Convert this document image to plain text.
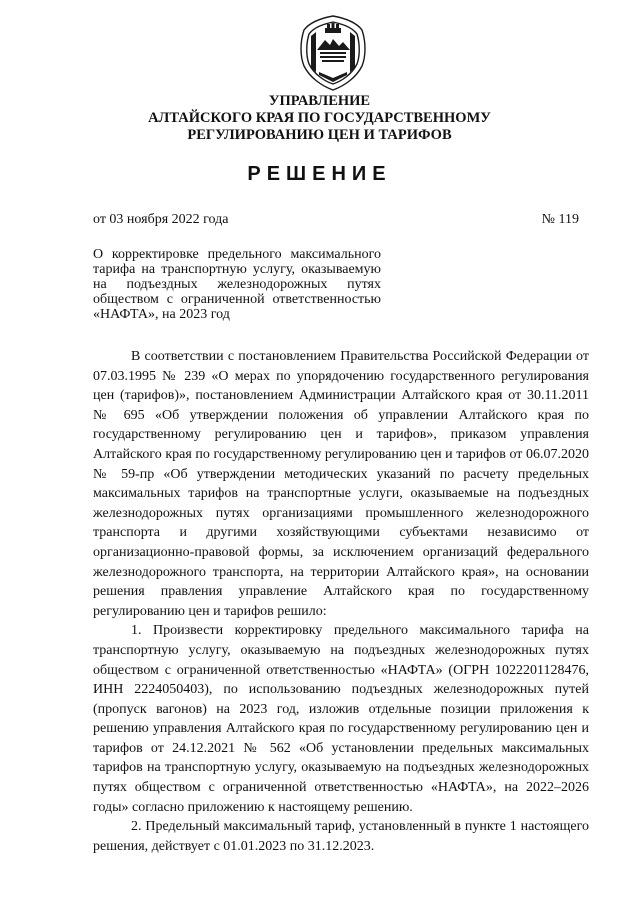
УПРАВЛЕНИЕ
АЛТАЙСКОГО КРАЯ ПО ГОСУДАРСТВЕННОМУ
РЕГУЛИРОВАНИЮ ЦЕН И ТАРИФОВ
РЕШЕНИЕ
от 03 ноября 2022 года	№ 119
О корректировке предельного максимального тарифа на транспортную услугу, оказываемую на подъездных железнодорожных путях обществом с ограниченной ответственностью «НАФТА», на 2023 год

В соответствии с постановлением Правительства Российской Федерации от 07.03.1995 № 239 «О мерах по упорядочению государственного регулирования цен (тарифов)», постановлением Администрации Алтайского края от 30.11.2011 № 695 «Об утверждении положения об управлении Алтайского края по государственному регулированию цен и тарифов», приказом управления Алтайского края по государственному регулированию цен и тарифов от 06.07.2020 № 59-пр «Об утверждении методических указаний по расчету предельных максимальных тарифов на транспортные услуги, оказываемые на подъездных железнодорожных путях организациями промышленного железнодорожного транспорта и другими хозяйствующими субъектами независимо от организационно-правовой формы, за исключением организаций федерального железнодорожного транспорта, на территории Алтайского края», на основании решения правления управление Алтайского края по государственному регулированию цен и тарифов решило:

1. Произвести корректировку предельного максимального тарифа на транспортную услугу, оказываемую на подъездных железнодорожных путях обществом с ограниченной ответственностью «НАФТА» (ОГРН 1022201128476, ИНН 2224050403), по использованию подъездных железнодорожных путей (пропуск вагонов) на 2023 год, изложив отдельные позиции приложения к решению управления Алтайского края по государственному регулированию цен и тарифов от 24.12.2021 № 562 «Об установлении предельных максимальных тарифов на транспортную услугу, оказываемую на подъездных железнодорожных путях обществом с ограниченной ответственностью «НАФТА», на 2022–2026 годы» согласно приложению к настоящему решению.

2. Предельный максимальный тариф, установленный в пункте 1 настоящего решения, действует с 01.01.2023 по 31.12.2023.
